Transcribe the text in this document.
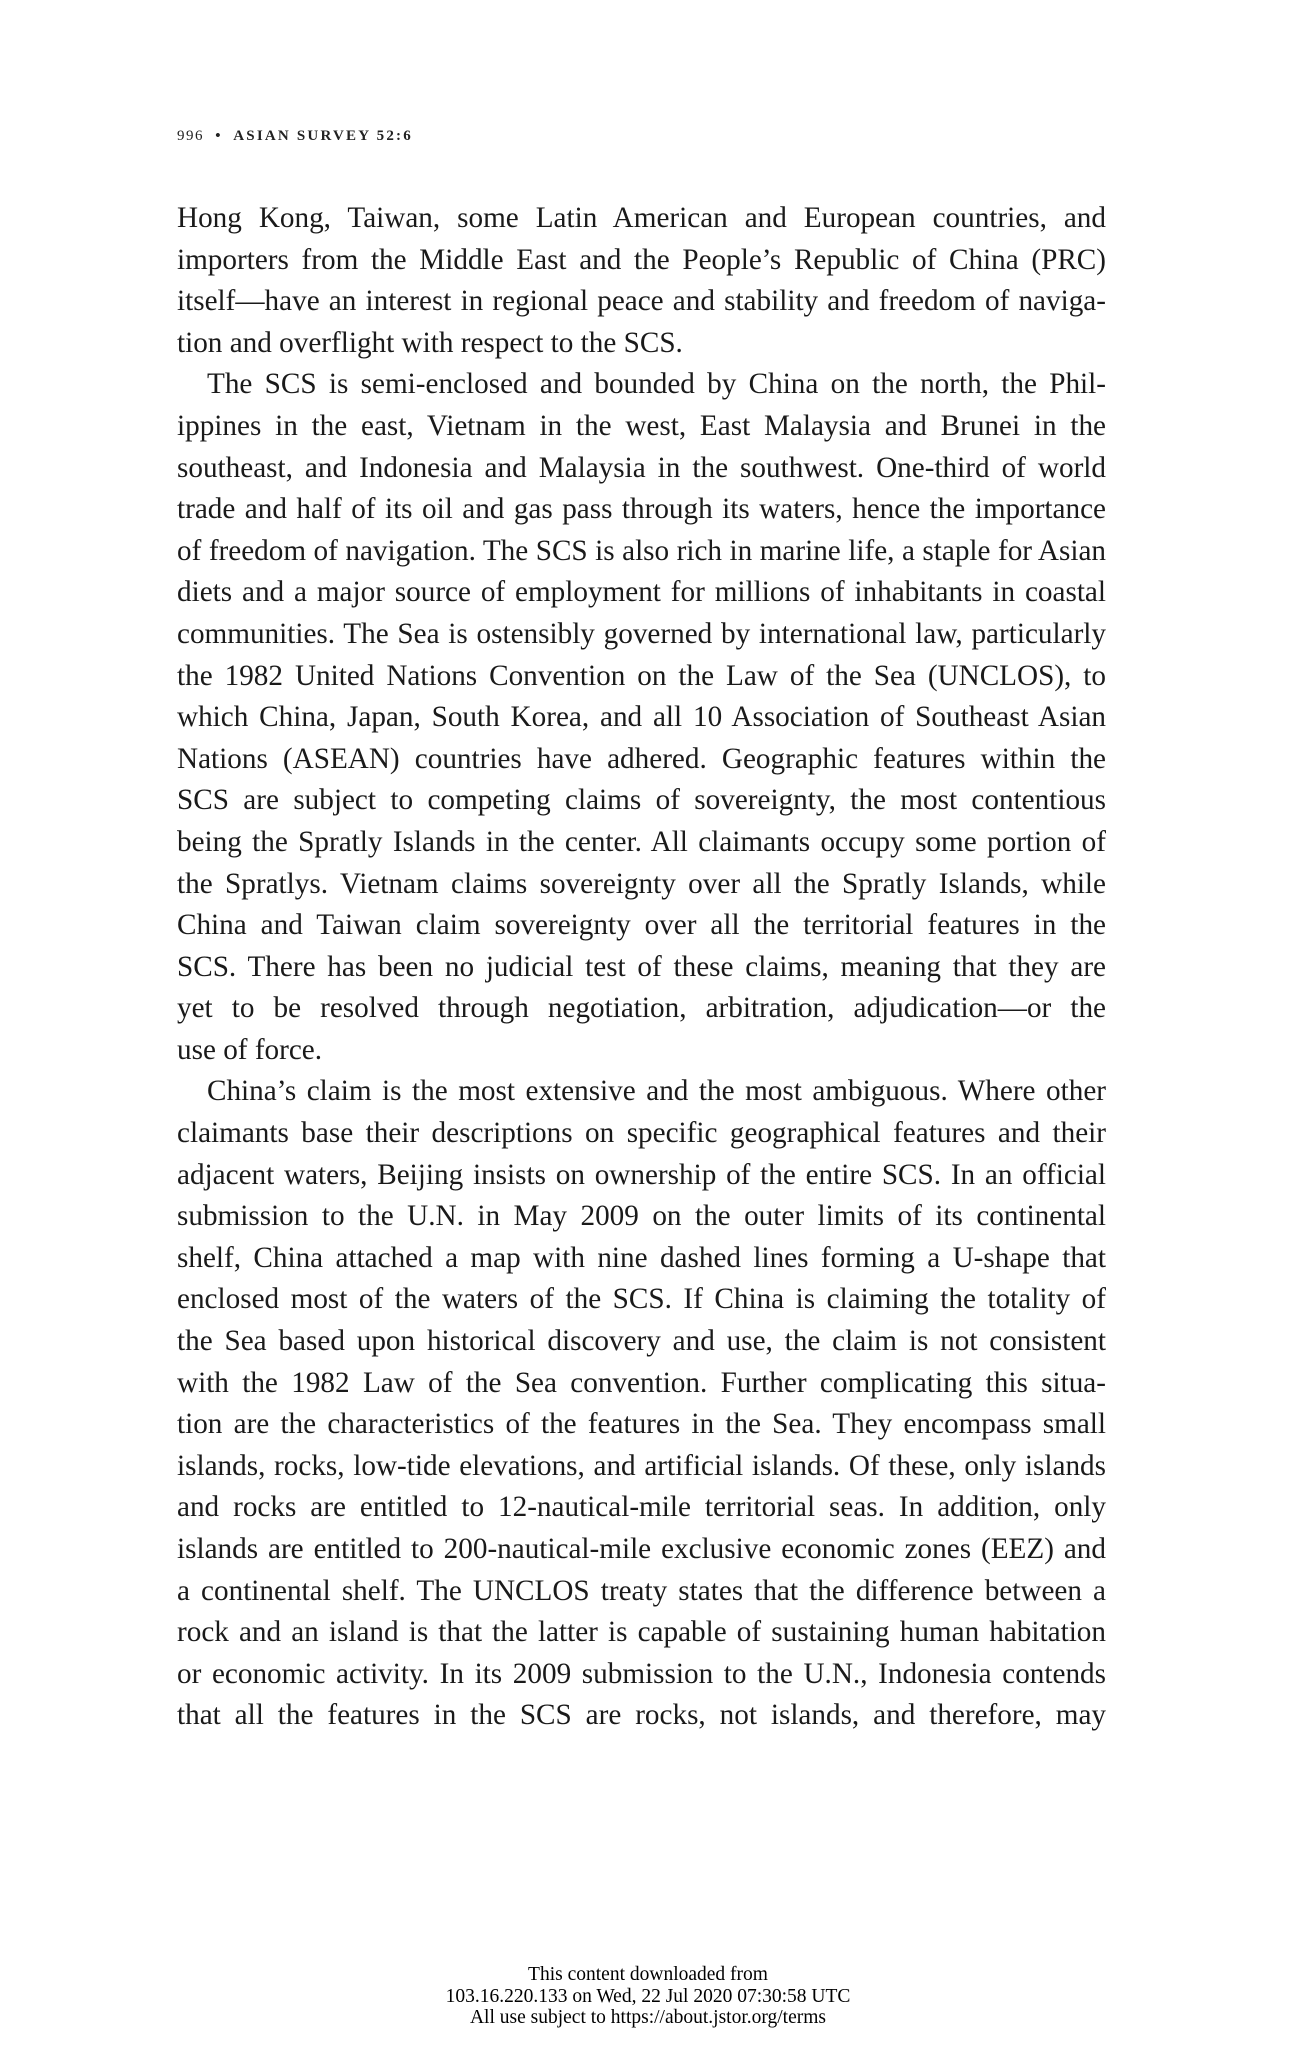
996 • ASIAN SURVEY 52:6
Hong Kong, Taiwan, some Latin American and European countries, and
importers from the Middle East and the People’s Republic of China (PRC)
itself—have an interest in regional peace and stability and freedom of naviga-
tion and overflight with respect to the SCS.
The SCS is semi-enclosed and bounded by China on the north, the Phil-
ippines in the east, Vietnam in the west, East Malaysia and Brunei in the
southeast, and Indonesia and Malaysia in the southwest. One-third of world
trade and half of its oil and gas pass through its waters, hence the importance
of freedom of navigation. The SCS is also rich in marine life, a staple for Asian
diets and a major source of employment for millions of inhabitants in coastal
communities. The Sea is ostensibly governed by international law, particularly
the 1982 United Nations Convention on the Law of the Sea (UNCLOS), to
which China, Japan, South Korea, and all 10 Association of Southeast Asian
Nations (ASEAN) countries have adhered. Geographic features within the
SCS are subject to competing claims of sovereignty, the most contentious
being the Spratly Islands in the center. All claimants occupy some portion of
the Spratlys. Vietnam claims sovereignty over all the Spratly Islands, while
China and Taiwan claim sovereignty over all the territorial features in the
SCS. There has been no judicial test of these claims, meaning that they are
yet to be resolved through negotiation, arbitration, adjudication—or the
use of force.
China’s claim is the most extensive and the most ambiguous. Where other
claimants base their descriptions on specific geographical features and their
adjacent waters, Beijing insists on ownership of the entire SCS. In an official
submission to the U.N. in May 2009 on the outer limits of its continental
shelf, China attached a map with nine dashed lines forming a U-shape that
enclosed most of the waters of the SCS. If China is claiming the totality of
the Sea based upon historical discovery and use, the claim is not consistent
with the 1982 Law of the Sea convention. Further complicating this situa-
tion are the characteristics of the features in the Sea. They encompass small
islands, rocks, low-tide elevations, and artificial islands. Of these, only islands
and rocks are entitled to 12-nautical-mile territorial seas. In addition, only
islands are entitled to 200-nautical-mile exclusive economic zones (EEZ) and
a continental shelf. The UNCLOS treaty states that the difference between a
rock and an island is that the latter is capable of sustaining human habitation
or economic activity. In its 2009 submission to the U.N., Indonesia contends
that all the features in the SCS are rocks, not islands, and therefore, may
This content downloaded from
103.16.220.133 on Wed, 22 Jul 2020 07:30:58 UTC
All use subject to https://about.jstor.org/terms
